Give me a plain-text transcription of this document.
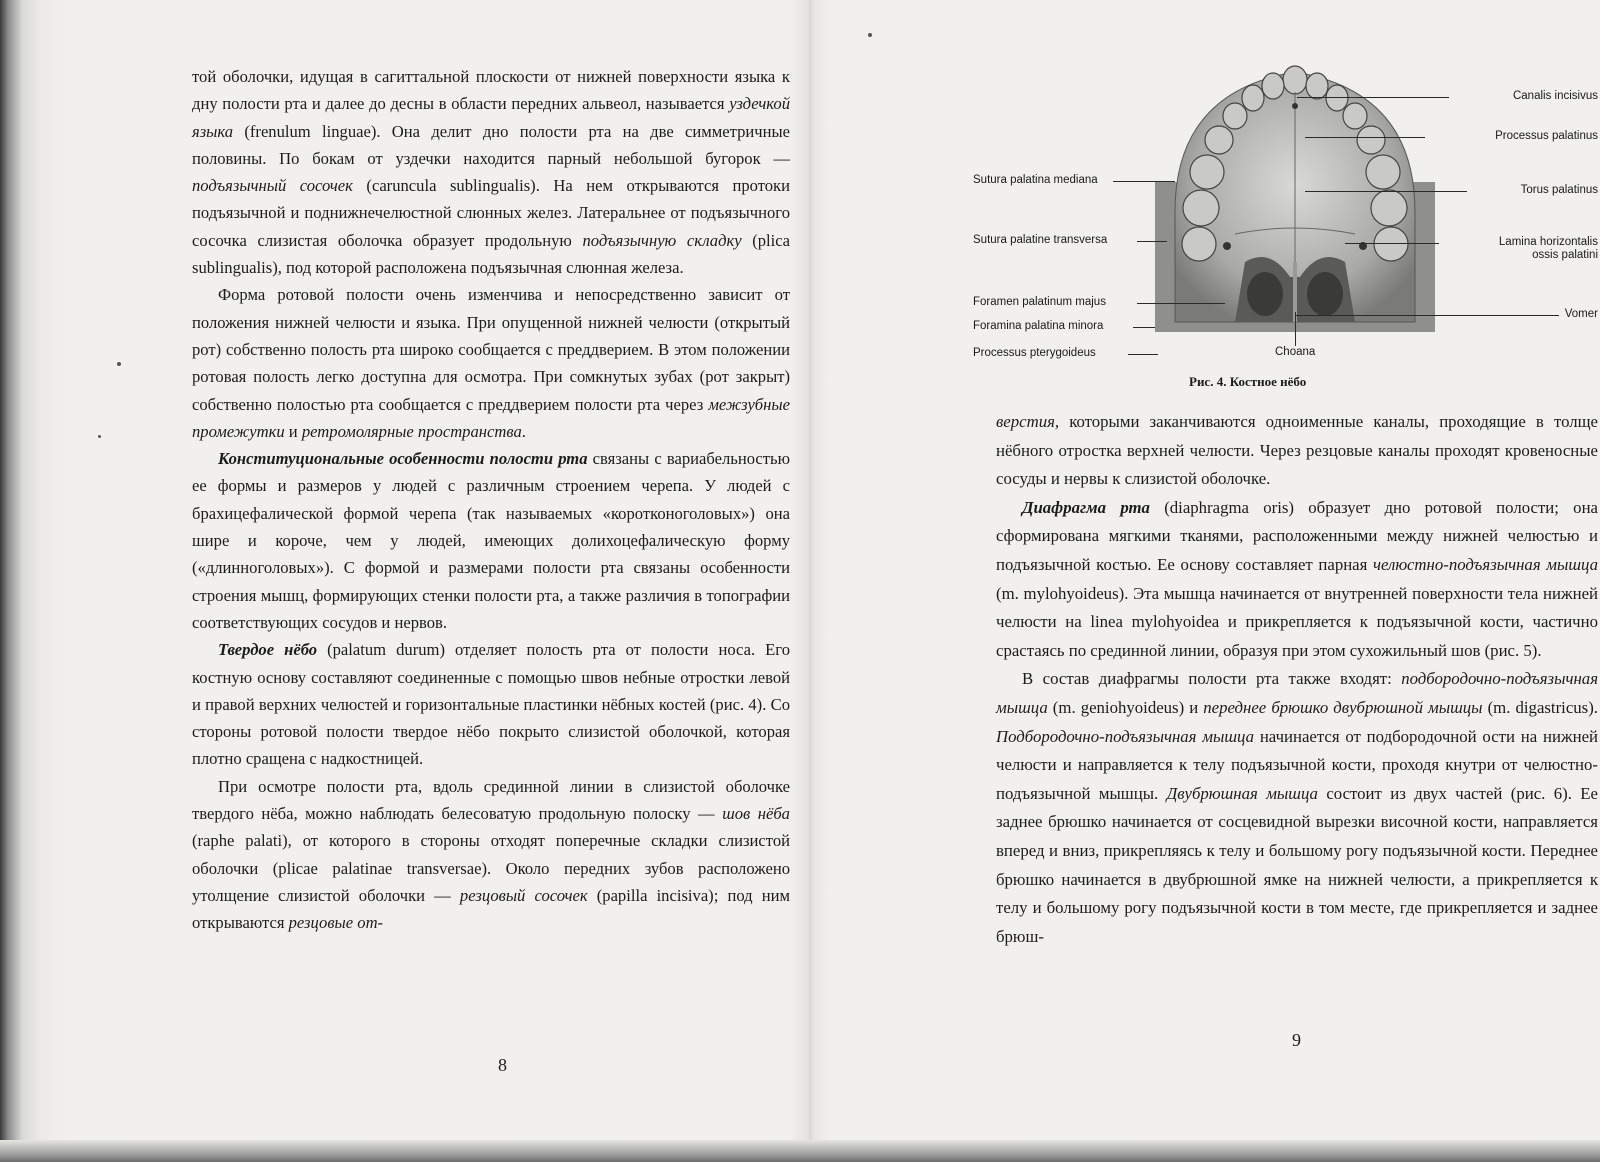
той оболочки, идущая в сагиттальной плоскости от нижней поверхности языка к дну полости рта и далее до десны в области передних альвеол, называется уздечкой языка (frenulum linguae). Она делит дно полости рта на две симметричные половины. По бокам от уздечки находится парный небольшой бугорок — подъязычный сосочек (caruncula sublingualis). На нем открываются протоки подъязычной и поднижнечелюстной слюнных желез. Латеральнее от подъязычного сосочка слизистая оболочка образует продольную подъязычную складку (plica sublingualis), под которой расположена подъязычная слюнная железа.

Форма ротовой полости очень изменчива и непосредственно зависит от положения нижней челюсти и языка. При опущенной нижней челюсти (открытый рот) собственно полость рта широко сообщается с преддверием. В этом положении ротовая полость легко доступна для осмотра. При сомкнутых зубах (рот закрыт) собственно полостью рта сообщается с преддверием полости рта через межзубные промежутки и ретромолярные пространства.

Конституциональные особенности полости рта связаны с вариабельностью ее формы и размеров у людей с различным строением черепа. У людей с брахицефалической формой черепа (так называемых «коротконоголовых») она шире и короче, чем у людей, имеющих долихоцефалическую форму («длинноголовых»). С формой и размерами полости рта связаны особенности строения мышц, формирующих стенки полости рта, а также различия в топографии соответствующих сосудов и нервов.

Твердое нёбо (palatum durum) отделяет полость рта от полости носа. Его костную основу составляют соединенные с помощью швов небные отростки левой и правой верхних челюстей и горизонтальные пластинки нёбных костей (рис. 4). Со стороны ротовой полости твердое нёбо покрыто слизистой оболочкой, которая плотно сращена с надкостницей.

При осмотре полости рта, вдоль срединной линии в слизистой оболочке твердого нёба, можно наблюдать белесоватую продольную полоску — шов нёба (raphe palati), от которого в стороны отходят поперечные складки слизистой оболочки (plicae palatinae transversae). Около передних зубов расположено утолщение слизистой оболочки — резцовый сосочек (papilla incisiva); под ним открываются резцовые от-

8
Sutura palatina mediana
Sutura palatine transversa
Foramen palatinum majus
Foramina palatina minora
Processus pterygoideus
Canalis incisivus
Processus palatinus
Torus palatinus
Lamina horizontalis
ossis palatini
Vomer
Choana
Рис. 4. Костное нёбо

верстия, которыми заканчиваются одноименные каналы, проходящие в толще нёбного отростка верхней челюсти. Через резцовые каналы проходят кровеносные сосуды и нервы к слизистой оболочке.

Диафрагма рта (diaphragma oris) образует дно ротовой полости; она сформирована мягкими тканями, расположенными между нижней челюстью и подъязычной костью. Ее основу составляет парная челюстно-подъязычная мышца (m. mylohyoideus). Эта мышца начинается от внутренней поверхности тела нижней челюсти на linea mylohyoidea и прикрепляется к подъязычной кости, частично срастаясь по срединной линии, образуя при этом сухожильный шов (рис. 5).

В состав диафрагмы полости рта также входят: подбородочно-подъязычная мышца (m. geniohyoideus) и переднее брюшко двубрюшной мышцы (m. digastricus). Подбородочно-подъязычная мышца начинается от подбородочной ости на нижней челюсти и направляется к телу подъязычной кости, проходя кнутри от челюстно-подъязычной мышцы. Двубрюшная мышца состоит из двух частей (рис. 6). Ее заднее брюшко начинается от сосцевидной вырезки височной кости, направляется вперед и вниз, прикрепляясь к телу и большому рогу подъязычной кости. Переднее брюшко начинается в двубрюшной ямке на нижней челюсти, а прикрепляется к телу и большому рогу подъязычной кости в том месте, где прикрепляется и заднее брюш-

9
